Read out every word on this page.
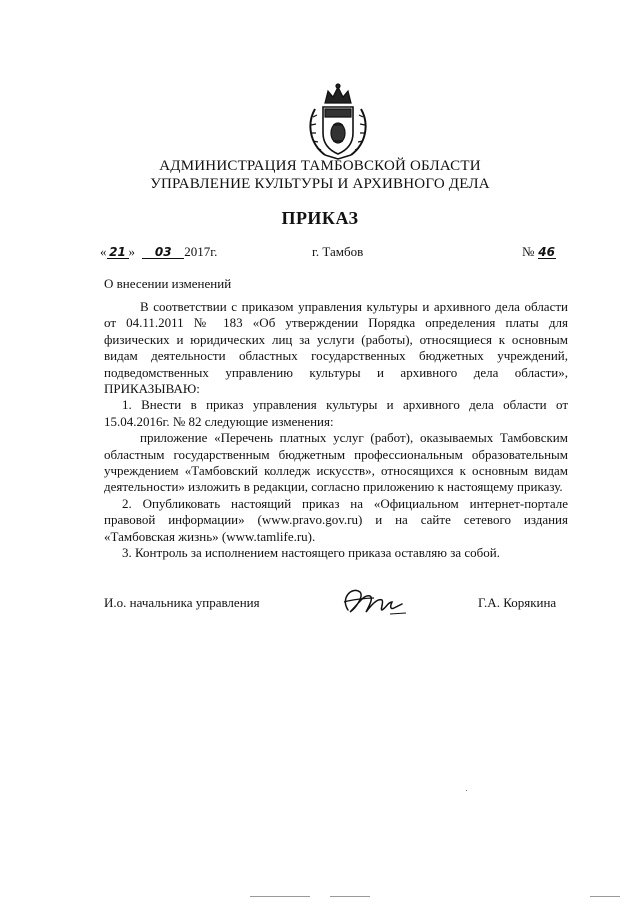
АДМИНИСТРАЦИЯ ТАМБОВСКОЙ ОБЛАСТИ
УПРАВЛЕНИЕ КУЛЬТУРЫ И АРХИВНОГО ДЕЛА
ПРИКАЗ
« 21 » 03 2017г.	г. Тамбов	№ 46
О внесении изменений

В соответствии с приказом управления культуры и архивного дела области от 04.11.2011 № 183 «Об утверждении Порядка определения платы для физических и юридических лиц за услуги (работы), относящиеся к основным видам деятельности областных государственных бюджетных учреждений, подведомственных управлению культуры и архивного дела области», ПРИКАЗЫВАЮ:

1. Внести в приказ управления культуры и архивного дела области от 15.04.2016г. № 82 следующие изменения:

приложение «Перечень платных услуг (работ), оказываемых Тамбовским областным государственным бюджетным профессиональным образовательным учреждением «Тамбовский колледж искусств», относящихся к основным видам деятельности» изложить в редакции, согласно приложению к настоящему приказу.

2. Опубликовать настоящий приказ на «Официальном интернет-портале правовой информации» (www.pravo.gov.ru) и на сайте сетевого издания «Тамбовская жизнь» (www.tamlife.ru).

3. Контроль за исполнением настоящего приказа оставляю за собой.

И.о. начальника управления	Г.А. Корякина
